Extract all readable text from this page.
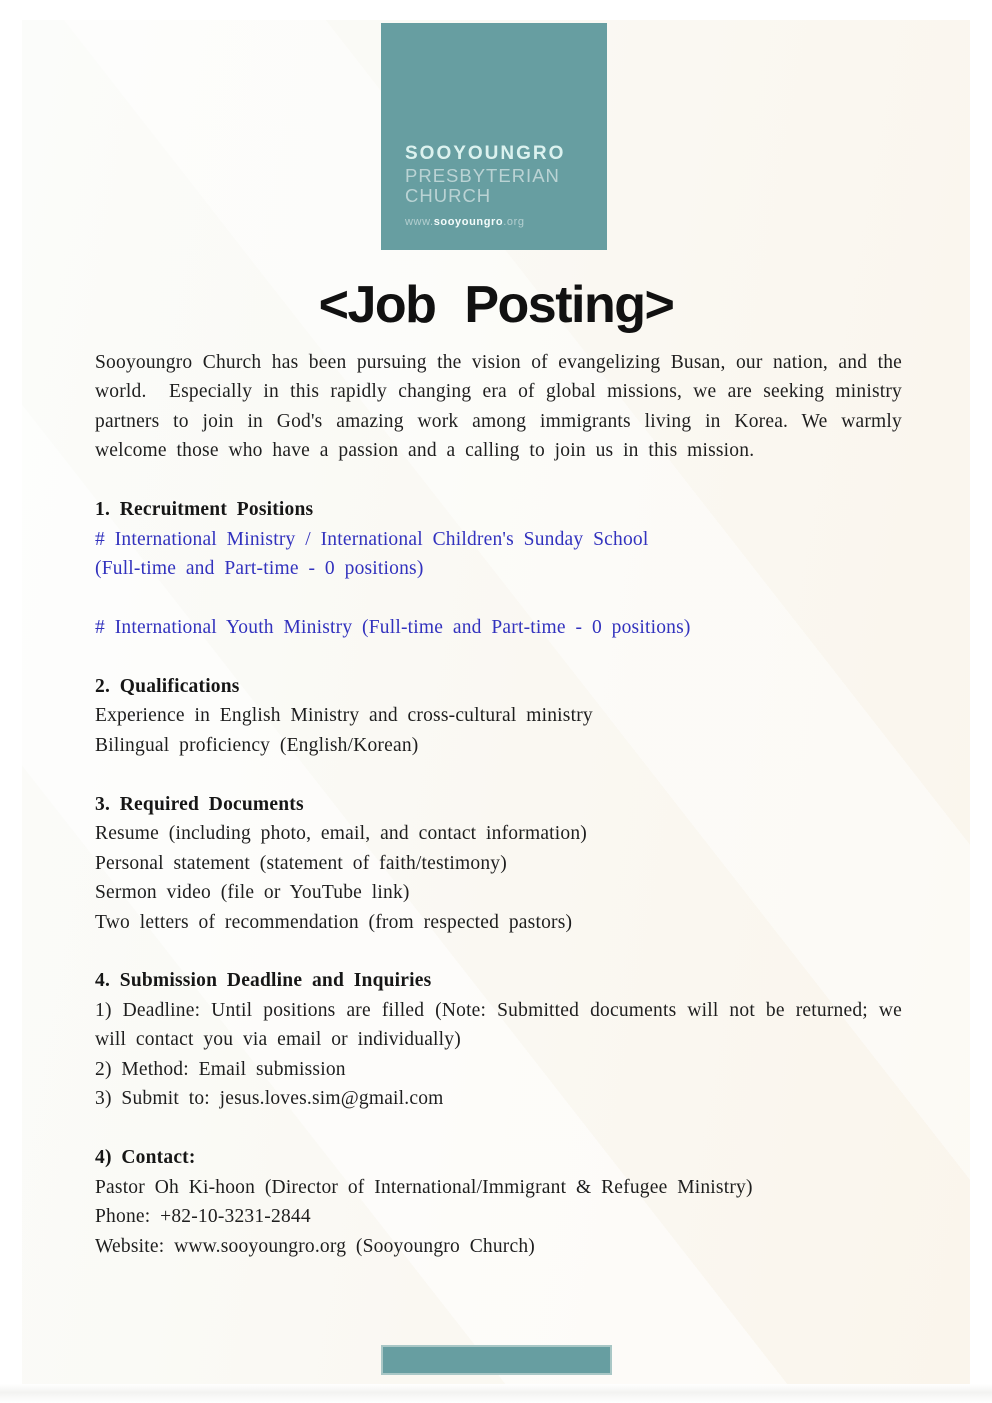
SOOYOUNGRO
PRESBYTERIAN
CHURCH
www.sooyoungro.org
<Job Posting>

Sooyoungro Church has been pursuing the vision of evangelizing Busan, our nation, and the world.  Especially in this rapidly changing era of global missions, we are seeking ministry partners to join in God's amazing work among immigrants living in Korea. We warmly welcome those who have a passion and a calling to join us in this mission.

1. Recruitment Positions

# International Ministry / International Children's Sunday School

(Full-time and Part-time - 0 positions)

# International Youth Ministry (Full-time and Part-time - 0 positions)

2. Qualifications

Experience in English Ministry and cross-cultural ministry

Bilingual proficiency (English/Korean)

3. Required Documents

Resume (including photo, email, and contact information)

Personal statement (statement of faith/testimony)

Sermon video (file or YouTube link)

Two letters of recommendation (from respected pastors)

4. Submission Deadline and Inquiries

1) Deadline: Until positions are filled (Note: Submitted documents will not be returned; we will contact you via email or individually)

2) Method: Email submission

3) Submit to: jesus.loves.sim@gmail.com

4) Contact:

Pastor Oh Ki-hoon (Director of International/Immigrant & Refugee Ministry)

Phone: +82-10-3231-2844

Website: www.sooyoungro.org (Sooyoungro Church)
